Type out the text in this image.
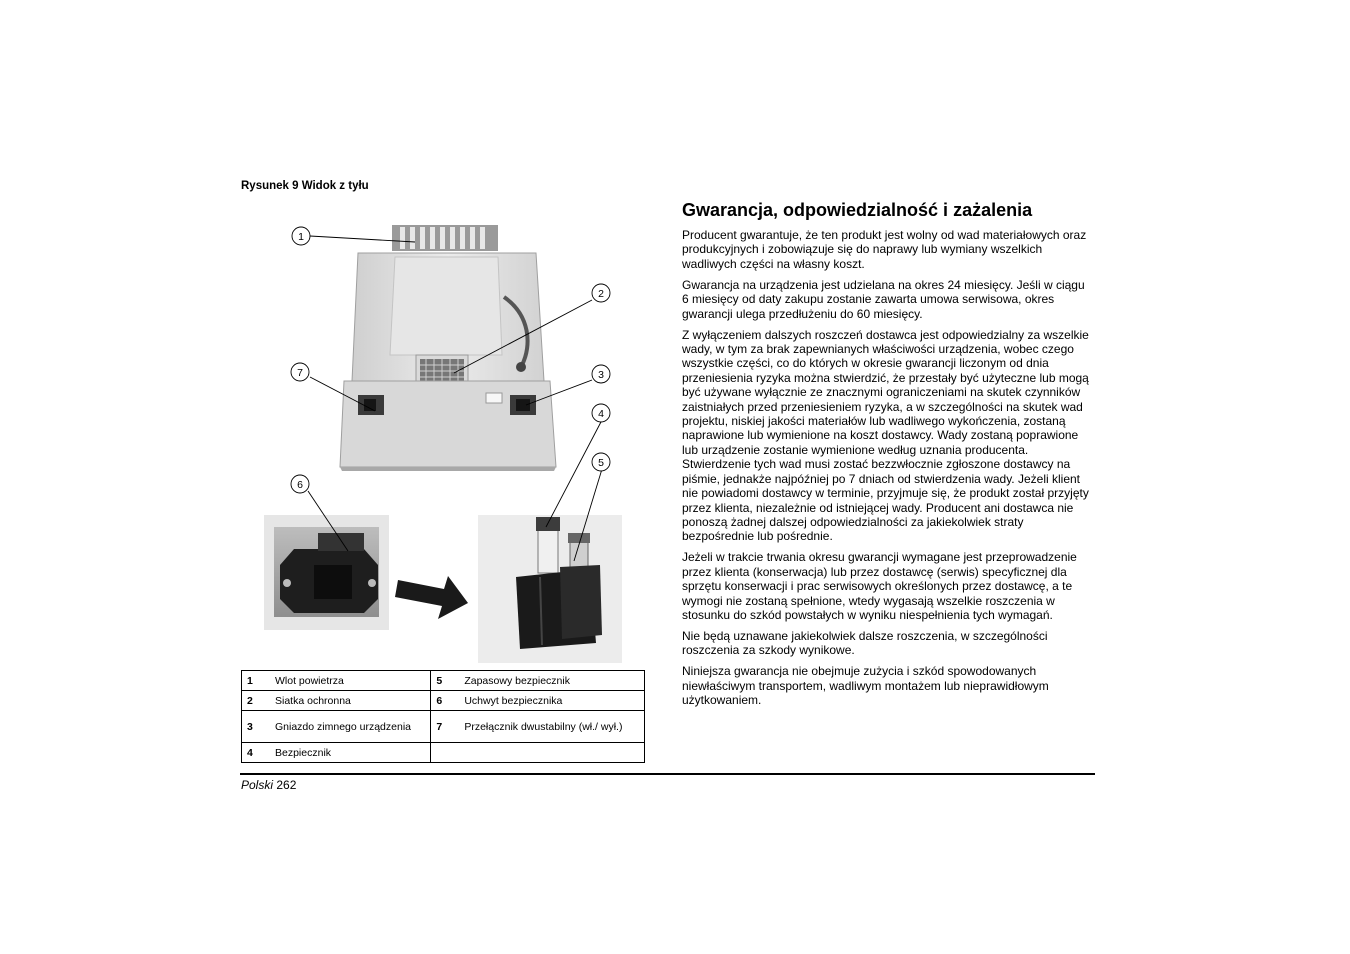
Rysunek 9 Widok z tyłu
1
2
3
4
5
6
7
1	Wlot powietrza	5	Zapasowy bezpiecznik
2	Siatka ochronna	6	Uchwyt bezpiecznika
3	Gniazdo zimnego urządzenia	7	Przełącznik dwustabilny (wł./ wył.)
4	Bezpiecznik		
Gwarancja, odpowiedzialność i zażalenia

Producent gwarantuje, że ten produkt jest wolny od wad materiałowych oraz produkcyjnych i zobowiązuje się do naprawy lub wymiany wszelkich wadliwych części na własny koszt.

Gwarancja na urządzenia jest udzielana na okres 24 miesięcy. Jeśli w ciągu 6 miesięcy od daty zakupu zostanie zawarta umowa serwisowa, okres gwarancji ulega przedłużeniu do 60 miesięcy.

Z wyłączeniem dalszych roszczeń dostawca jest odpowiedzialny za wszelkie wady, w tym za brak zapewnianych właściwości urządzenia, wobec czego wszystkie części, co do których w okresie gwarancji liczonym od dnia przeniesienia ryzyka można stwierdzić, że przestały być użyteczne lub mogą być używane wyłącznie ze znacznymi ograniczeniami na skutek czynników zaistniałych przed przeniesieniem ryzyka, a w szczególności na skutek wad projektu, niskiej jakości materiałów lub wadliwego wykończenia, zostaną naprawione lub wymienione na koszt dostawcy. Wady zostaną poprawione lub urządzenie zostanie wymienione według uznania producenta. Stwierdzenie tych wad musi zostać bezzwłocznie zgłoszone dostawcy na piśmie, jednakże najpóźniej po 7 dniach od stwierdzenia wady. Jeżeli klient nie powiadomi dostawcy w terminie, przyjmuje się, że produkt został przyjęty przez klienta, niezależnie od istniejącej wady. Producent ani dostawca nie ponoszą żadnej dalszej odpowiedzialności za jakiekolwiek straty bezpośrednie lub pośrednie.

Jeżeli w trakcie trwania okresu gwarancji wymagane jest przeprowadzenie przez klienta (konserwacja) lub przez dostawcę (serwis) specyficznej dla sprzętu konserwacji i prac serwisowych określonych przez dostawcę, a te wymogi nie zostaną spełnione, wtedy wygasają wszelkie roszczenia w stosunku do szkód powstałych w wyniku niespełnienia tych wymagań.

Nie będą uznawane jakiekolwiek dalsze roszczenia, w szczególności roszczenia za szkody wynikowe.

Niniejsza gwarancja nie obejmuje zużycia i szkód spowodowanych niewłaściwym transportem, wadliwym montażem lub nieprawidłowym użytkowaniem.

Polski 262
